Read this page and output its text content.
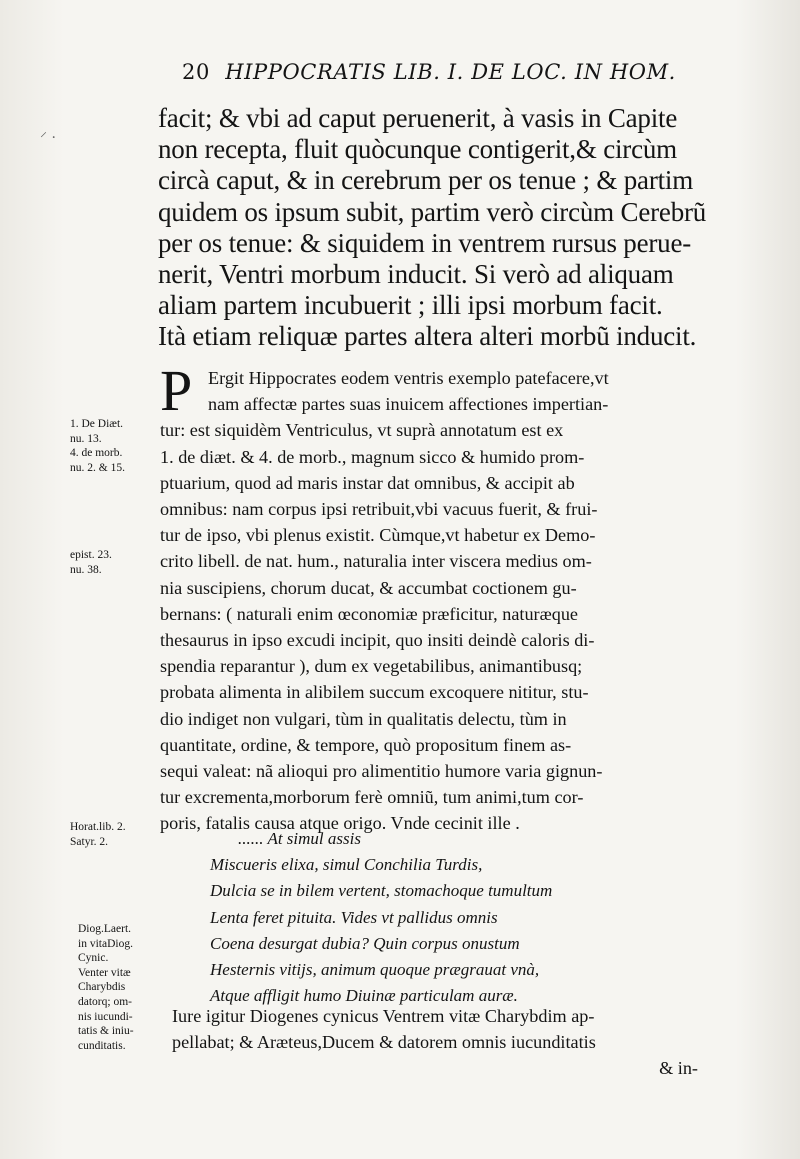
⸍ ·
20 HIPPOCRATIS LIB. I. DE LOC. IN HOM.
facit; & vbi ad caput peruenerit, à vasis in Capite
non recepta, fluit quòcunque contigerit,& circùm
circà caput, & in cerebrum per os tenue ; & partim
quidem os ipsum subit, partim verò circùm Cerebrũ
per os tenue: & siquidem in ventrem rursus perue-
nerit, Ventri morbum inducit. Si verò ad aliquam
aliam partem incubuerit ; illi ipsi morbum facit.
Ità etiam reliquæ partes altera alteri morbũ inducit.
P Ergit Hippocrates eodem ventris exemplo patefacere,vt
nam affectæ partes suas inuicem affectiones impertian-
tur: est siquidèm Ventriculus, vt suprà annotatum est ex
1. de diæt. & 4. de morb., magnum sicco & humido prom-
ptuarium, quod ad maris instar dat omnibus, & accipit ab
omnibus: nam corpus ipsi retribuit,vbi vacuus fuerit, & frui-
tur de ipso, vbi plenus existit. Cùmque,vt habetur ex Demo-
crito libell. de nat. hum., naturalia inter viscera medius om-
nia suscipiens, chorum ducat, & accumbat coctionem gu-
bernans: ( naturali enim œconomiæ præficitur, naturæque
thesaurus in ipso excudi incipit, quo insiti deindè caloris di-
spendia reparantur ), dum ex vegetabilibus, animantibusq;
probata alimenta in alibilem succum excoquere nititur, stu-
dio indiget non vulgari, tùm in qualitatis delectu, tùm in
quantitate, ordine, & tempore, quò propositum finem as-
sequi valeat: nã alioqui pro alimentitio humore varia gignun-
tur excrementa,morborum ferè omniũ, tum animi,tum cor-
poris, fatalis causa atque origo. Vnde cecinit ille .
...... At simul assis
Miscueris elixa, simul Conchilia Turdis,
Dulcia se in bilem vertent, stomachoque tumultum
Lenta feret pituita. Vides vt pallidus omnis
Coena desurgat dubia? Quin corpus onustum
Hesternis vitijs, animum quoque prægrauat vnà,
Atque affligit humo Diuinæ particulam auræ.
Iure igitur Diogenes cynicus Ventrem vitæ Charybdim ap-
pellabat; & Aræteus,Ducem & datorem omnis iucunditatis
& in-
1. De Diæt.
nu. 13.
4. de morb.
nu. 2. & 15.
epist. 23.
nu. 38.
Horat.lib. 2.
Satyr. 2.
Diog.Laert.
in vitaDiog.
Cynic.
Venter vitæ
Charybdis
datorq; om-
nis iucundi-
tatis & iniu-
cunditatis.
